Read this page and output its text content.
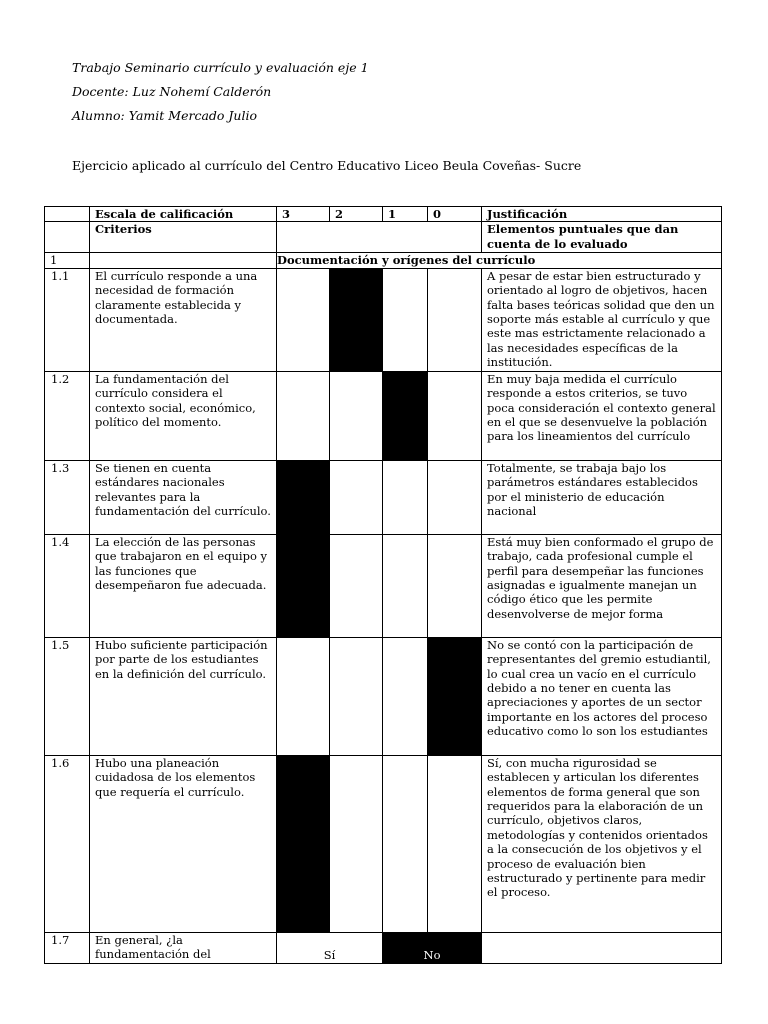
Trabajo Seminario currículo y evaluación eje 1
Docente: Luz Nohemí Calderón
Alumno: Yamit Mercado Julio
Ejercicio aplicado al currículo del Centro Educativo Liceo Beula Coveñas- Sucre
	Escala de calificación	3	2	1	0	Justificación
	Criterios					Elementos puntuales que dan cuenta de lo evaluado
1		Documentación y orígenes del currículo				
1.1	El currículo responde a una necesidad de formación claramente establecida y documentada.					A pesar de estar bien estructurado y orientado al logro de objetivos, hacen falta bases teóricas solidad que den un soporte más estable al currículo y que este mas estrictamente relacionado a las necesidades específicas de la institución.
1.2	La fundamentación del currículo considera el contexto social, económico, político del momento.					En muy baja medida el currículo responde a estos criterios, se tuvo poca consideración el contexto general en el que se desenvuelve la población para los lineamientos del currículo
1.3	Se tienen en cuenta estándares nacionales relevantes para la fundamentación del currículo.					Totalmente, se trabaja bajo los parámetros estándares establecidos por el ministerio de educación nacional
1.4	La elección de las personas que trabajaron en el equipo y las funciones que desempeñaron fue adecuada.					Está muy bien conformado el grupo de trabajo, cada profesional cumple el perfil para desempeñar las funciones asignadas e igualmente manejan un código ético que les permite desenvolverse de mejor forma
1.5	Hubo suficiente participación por parte de los estudiantes en la definición del currículo.					No se contó con la participación de representantes del gremio estudiantil, lo cual crea un vacío en el currículo debido a no tener en cuenta las apreciaciones y aportes de un sector importante en los actores del proceso educativo como lo son los estudiantes
1.6	Hubo una planeación cuidadosa de los elementos que requería el currículo.					Sí, con mucha rigurosidad se establecen y articulan los diferentes elementos de forma general que son requeridos para la elaboración de un currículo, objetivos claros, metodologías y contenidos orientados a la consecución de los objetivos y el proceso de evaluación bien estructurado y pertinente para medir el proceso.
1.7	En general, ¿la fundamentación del	Sí		No		
